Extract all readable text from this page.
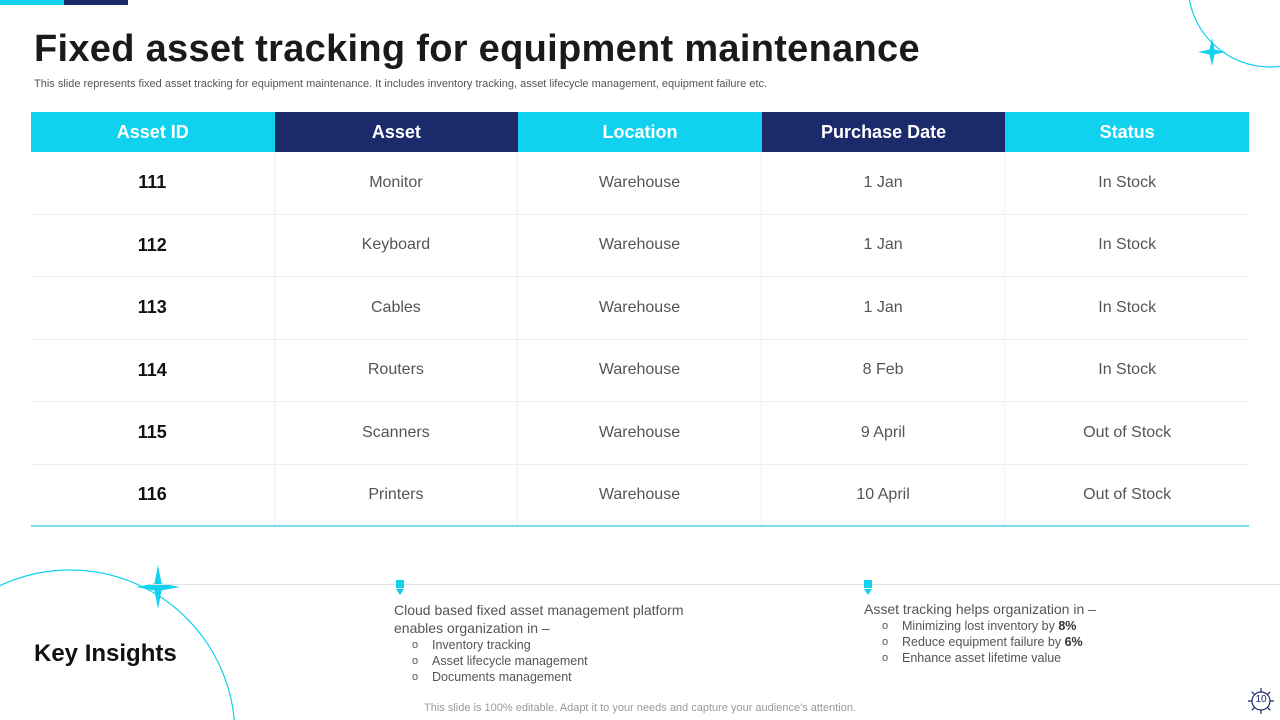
Fixed asset tracking for equipment maintenance

This slide represents fixed asset tracking for equipment maintenance. It includes inventory tracking, asset lifecycle management, equipment failure etc.

Asset ID	Asset	Location	Purchase Date	Status
111	Monitor	Warehouse	1 Jan	In Stock
112	Keyboard	Warehouse	1 Jan	In Stock
113	Cables	Warehouse	1 Jan	In Stock
114	Routers	Warehouse	8 Feb	In Stock
115	Scanners	Warehouse	9 April	Out of Stock
116	Printers	Warehouse	10 April	Out of Stock
Key Insights

Cloud based fixed asset management platform enables organization in –

o Inventory tracking
o Asset lifecycle management
o Documents management

Asset tracking helps organization in –

o Minimizing lost inventory by 8%
o Reduce equipment failure by 6%
o Enhance asset lifetime value
This slide is 100% editable. Adapt it to your needs and capture your audience's attention.
10
